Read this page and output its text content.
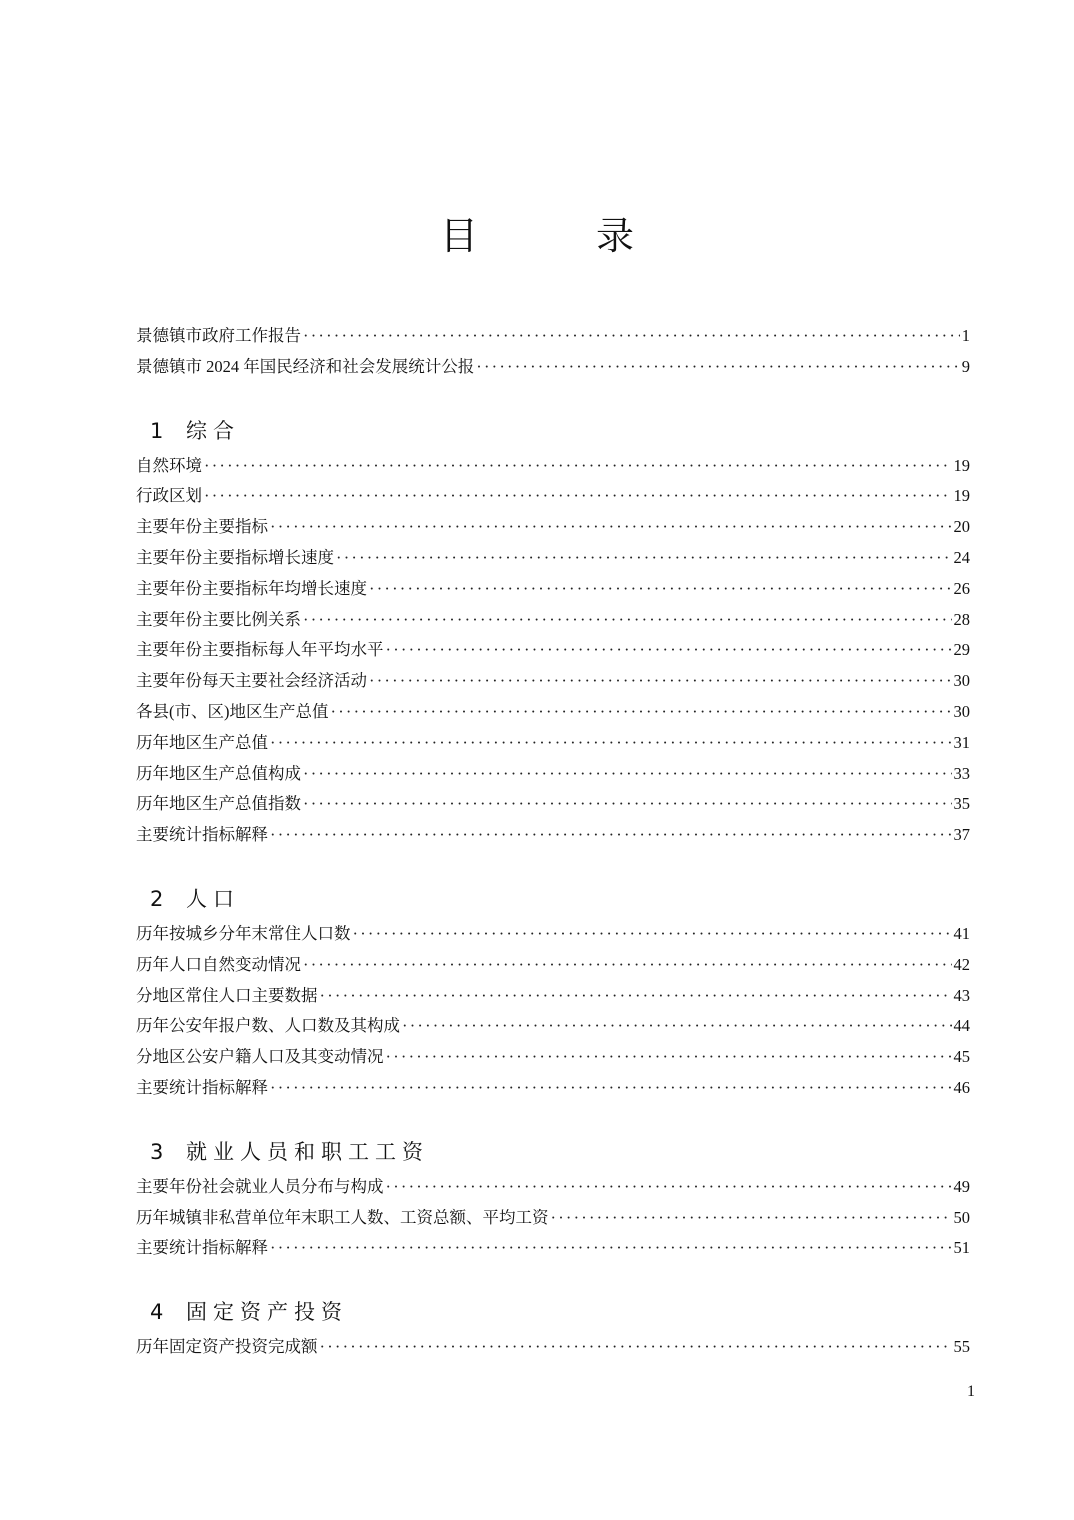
目　录
景德镇市政府工作报告 ·····	1
景德镇市 2024 年国民经济和社会发展统计公报 ·····	9
1 综合
自然环境 ·····	19
行政区划 ·····	19
主要年份主要指标 ·····	20
主要年份主要指标增长速度 ·····	24
主要年份主要指标年均增长速度 ·····	26
主要年份主要比例关系 ·····	28
主要年份主要指标每人年平均水平 ·····	29
主要年份每天主要社会经济活动 ·····	30
各县(市、区)地区生产总值 ·····	30
历年地区生产总值 ·····	31
历年地区生产总值构成 ·····	33
历年地区生产总值指数 ·····	35
主要统计指标解释 ·····	37
2 人口
历年按城乡分年末常住人口数 ·····	41
历年人口自然变动情况 ·····	42
分地区常住人口主要数据 ·····	43
历年公安年报户数、人口数及其构成 ·····	44
分地区公安户籍人口及其变动情况 ·····	45
主要统计指标解释 ·····	46
3 就业人员和职工工资
主要年份社会就业人员分布与构成 ·····	49
历年城镇非私营单位年末职工人数、工资总额、平均工资 ·····	50
主要统计指标解释 ·····	51
4 固定资产投资
历年固定资产投资完成额 ·····	55
1
